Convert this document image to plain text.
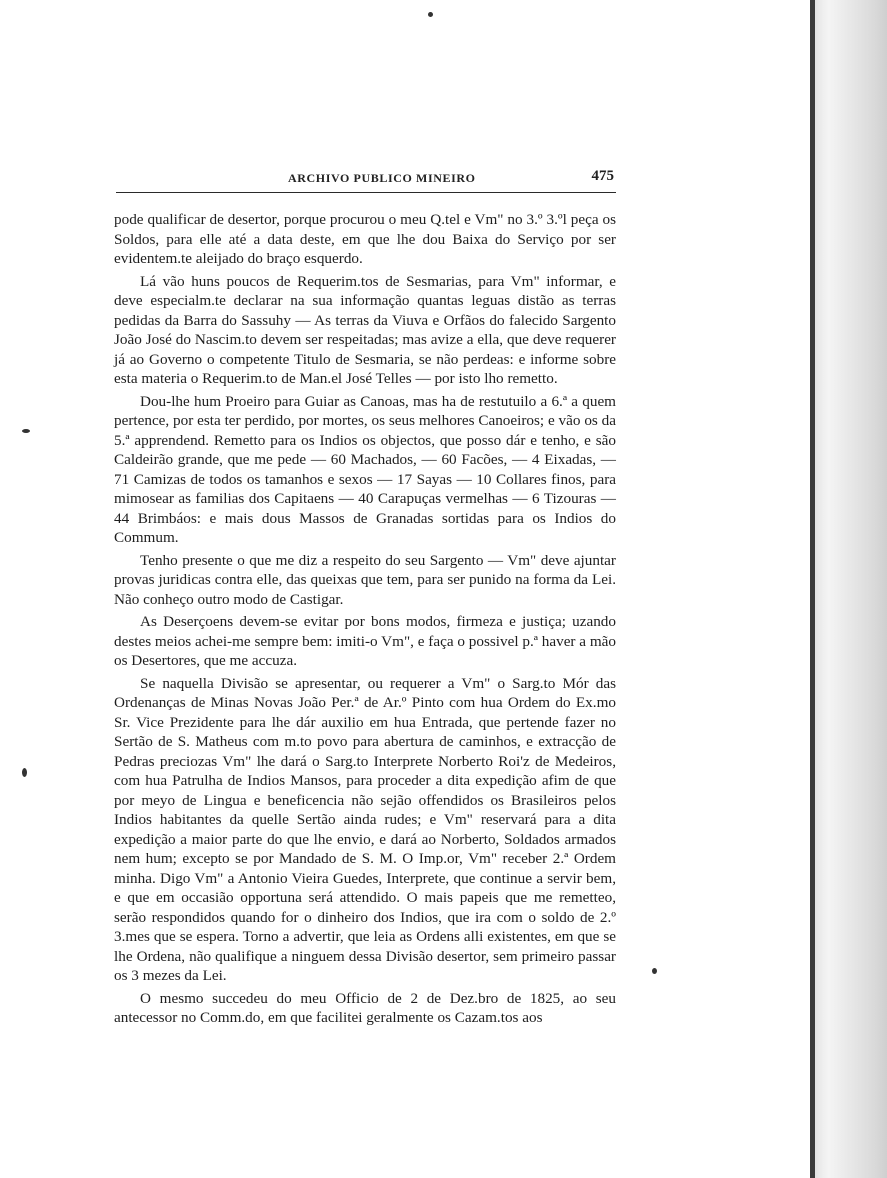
ARCHIVO PUBLICO MINEIRO	475

pode qualificar de desertor, porque procurou o meu Q.tel e Vm" no 3.º 3.ºl peça os Soldos, para elle até a data deste, em que lhe dou Baixa do Serviço por ser evidentem.te aleijado do braço esquerdo.

Lá vão huns poucos de Requerim.tos de Sesmarias, para Vm" informar, e deve especialm.te declarar na sua informação quantas leguas distão as terras pedidas da Barra do Sassuhy — As terras da Viuva e Orfãos do falecido Sargento João José do Nascim.to devem ser respeitadas; mas avize a ella, que deve requerer já ao Governo o competente Titulo de Sesmaria, se não perdeas: e informe sobre esta materia o Requerim.to de Man.el José Telles — por isto lho remetto.

Dou-lhe hum Proeiro para Guiar as Canoas, mas ha de restutuilo a 6.ª a quem pertence, por esta ter perdido, por mortes, os seus melhores Canoeiros; e vão os da 5.ª apprendend. Remetto para os Indios os objectos, que posso dár e tenho, e são Caldeirão grande, que me pede — 60 Machados, — 60 Facões, — 4 Eixadas, — 71 Camizas de todos os tamanhos e sexos — 17 Sayas — 10 Collares finos, para mimosear as familias dos Capitaens — 40 Carapuças vermelhas — 6 Tizouras — 44 Brimbáos: e mais dous Massos de Granadas sortidas para os Indios do Commum.

Tenho presente o que me diz a respeito do seu Sargento — Vm" deve ajuntar provas juridicas contra elle, das queixas que tem, para ser punido na forma da Lei. Não conheço outro modo de Castigar.

As Deserçoens devem-se evitar por bons modos, firmeza e justiça; uzando destes meios achei-me sempre bem: imiti-o Vm", e faça o possivel p.ª haver a mão os Desertores, que me accuza.

Se naquella Divisão se apresentar, ou requerer a Vm" o Sarg.to Mór das Ordenanças de Minas Novas João Per.ª de Ar.º Pinto com hua Ordem do Ex.mo Sr. Vice Prezidente para lhe dár auxilio em hua Entrada, que pertende fazer no Sertão de S. Matheus com m.to povo para abertura de caminhos, e extracção de Pedras preciozas Vm" lhe dará o Sarg.to Interprete Norberto Roi'z de Medeiros, com hua Patrulha de Indios Mansos, para proceder a dita expedição afim de que por meyo de Lingua e beneficencia não sejão offendidos os Brasileiros pelos Indios habitantes da quelle Sertão ainda rudes; e Vm" reservará para a dita expedição a maior parte do que lhe envio, e dará ao Norberto, Soldados armados nem hum; excepto se por Mandado de S. M. O Imp.or, Vm" receber 2.ª Ordem minha. Digo Vm" a Antonio Vieira Guedes, Interprete, que continue a servir bem, e que em occasião opportuna será attendido. O mais papeis que me remetteo, serão respondidos quando for o dinheiro dos Indios, que ira com o soldo de 2.º 3.mes que se espera. Torno a advertir, que leia as Ordens alli existentes, em que se lhe Ordena, não qualifique a ninguem dessa Divisão desertor, sem primeiro passar os 3 mezes da Lei.

O mesmo succedeu do meu Officio de 2 de Dez.bro de 1825, ao seu antecessor no Comm.do, em que facilitei geralmente os Cazam.tos aos
